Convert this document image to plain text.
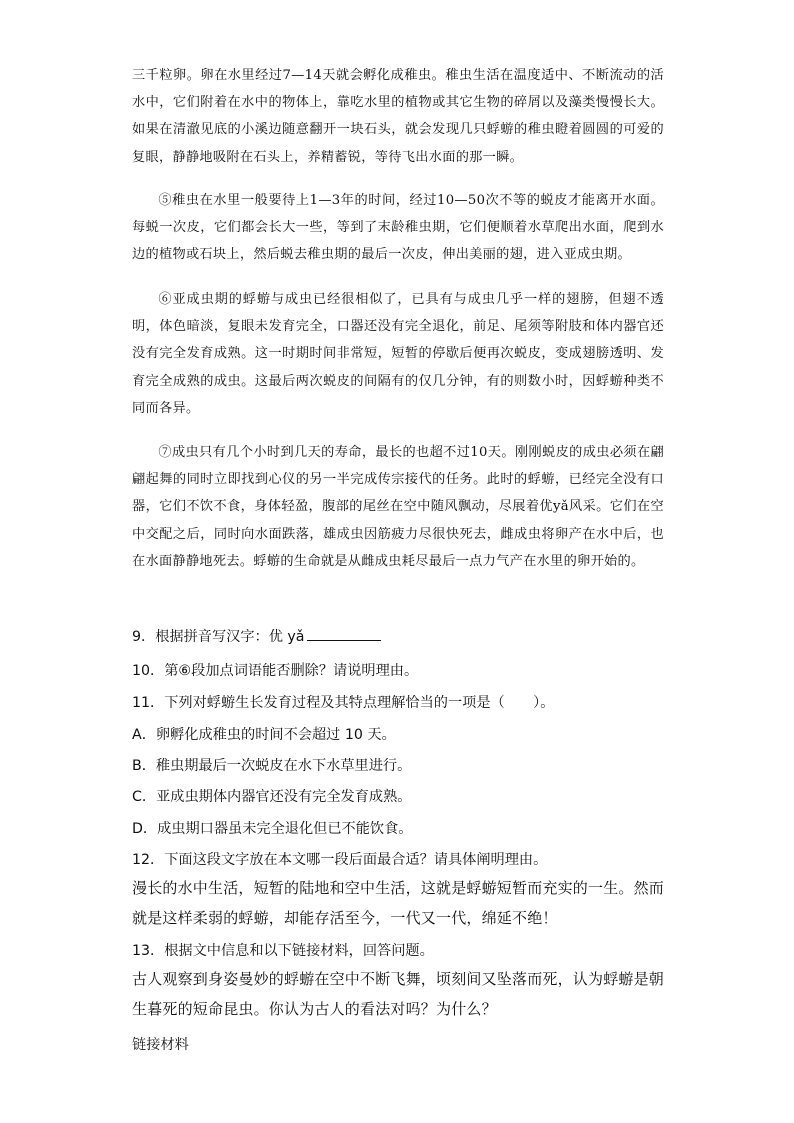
三千粒卵。卵在水里经过7—14天就会孵化成稚虫。稚虫生活在温度适中、不断流动的活水中，它们附着在水中的物体上，靠吃水里的植物或其它生物的碎屑以及藻类慢慢长大。如果在清澈见底的小溪边随意翻开一块石头，就会发现几只蜉蝣的稚虫瞪着圆圆的可爱的复眼，静静地吸附在石头上，养精蓄锐，等待飞出水面的那一瞬。

⑤稚虫在水里一般要待上1—3年的时间，经过10—50次不等的蜕皮才能离开水面。每蜕一次皮，它们都会长大一些，等到了末龄稚虫期，它们便顺着水草爬出水面，爬到水边的植物或石块上，然后蜕去稚虫期的最后一次皮，伸出美丽的翅，进入亚成虫期。

⑥亚成虫期的蜉蝣与成虫已经很相似了，已具有与成虫几乎一样的翅膀，但翅不透明，体色暗淡，复眼未发育完全，口器还没有完全退化，前足、尾须等附肢和体内器官还没有完全发育成熟。这一时期时间非常短，短暂的停歇后便再次蜕皮，变成翅膀透明、发育完全成熟的成虫。这最后两次蜕皮的间隔有的仅几分钟，有的则数小时，因蜉蝣种类不同而各异。

⑦成虫只有几个小时到几天的寿命，最长的也超不过10天。刚刚蜕皮的成虫必须在翩翩起舞的同时立即找到心仪的另一半完成传宗接代的任务。此时的蜉蝣，已经完全没有口器，它们不饮不食，身体轻盈，腹部的尾丝在空中随风飘动，尽展着优yǎ风采。它们在空中交配之后，同时向水面跌落，雄成虫因筋疲力尽很快死去，雌成虫将卵产在水中后，也在水面静静地死去。蜉蝣的生命就是从雌成虫耗尽最后一点力气产在水里的卵开始的。

9．根据拼音写汉字：优 yǎ
10．第⑥段加点词语能否删除？请说明理由。
11．下列对蜉蝣生长发育过程及其特点理解恰当的一项是（　　）。
A．卵孵化成稚虫的时间不会超过 10 天。
B．稚虫期最后一次蜕皮在水下水草里进行。
C．亚成虫期体内器官还没有完全发育成熟。
D．成虫期口器虽未完全退化但已不能饮食。
12．下面这段文字放在本文哪一段后面最合适？请具体阐明理由。
漫长的水中生活，短暂的陆地和空中生活，这就是蜉蝣短暂而充实的一生。然而就是这样柔弱的蜉蝣，却能存活至今，一代又一代，绵延不绝！
13．根据文中信息和以下链接材料，回答问题。
古人观察到身姿曼妙的蜉蝣在空中不断飞舞，顷刻间又坠落而死，认为蜉蝣是朝生暮死的短命昆虫。你认为古人的看法对吗？为什么？
链接材料
